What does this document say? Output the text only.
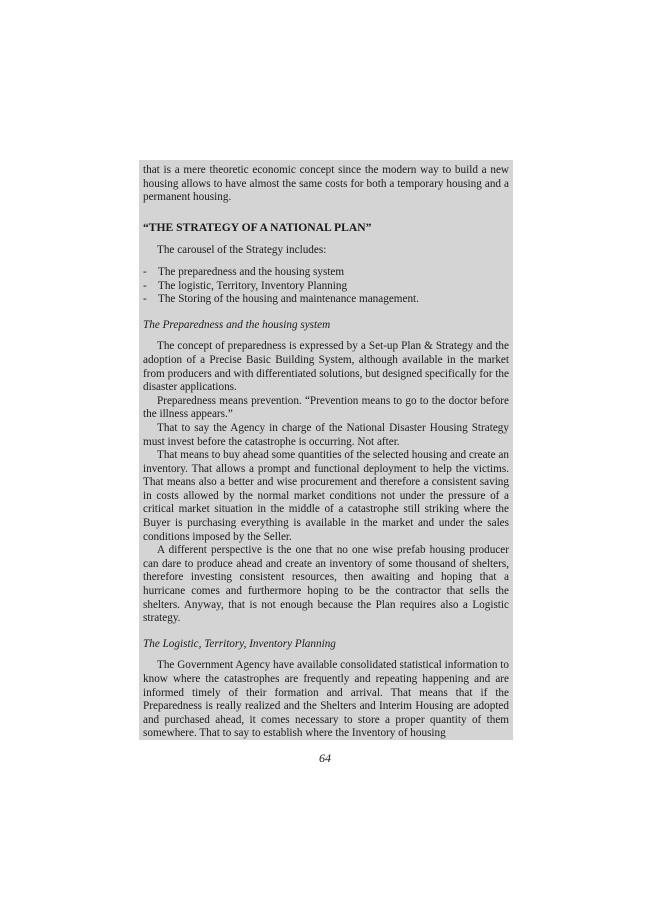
that is a mere theoretic economic concept since the modern way to build a new housing allows to have almost the same costs for both a temporary housing and a permanent housing.

“THE STRATEGY OF A NATIONAL PLAN”

The carousel of the Strategy includes:

- The preparedness and the housing system
- The logistic, Territory, Inventory Planning
- The Storing of the housing and maintenance management.
The Preparedness and the housing system

The concept of preparedness is expressed by a Set-up Plan & Strategy and the adoption of a Precise Basic Building System, although available in the market from producers and with differentiated solutions, but designed specifically for the disaster applications.

Preparedness means prevention. “Prevention means to go to the doctor before the illness appears.”

That to say the Agency in charge of the National Disaster Housing Strategy must invest before the catastrophe is occurring. Not after.

That means to buy ahead some quantities of the selected housing and create an inventory. That allows a prompt and functional deployment to help the victims. That means also a better and wise procurement and therefore a consistent saving in costs allowed by the normal market conditions not under the pressure of a critical market situation in the middle of a catastrophe still striking where the Buyer is purchasing everything is available in the market and under the sales conditions imposed by the Seller.

A different perspective is the one that no one wise prefab housing producer can dare to produce ahead and create an inventory of some thousand of shelters, therefore investing consistent resources, then awaiting and hoping that a hurricane comes and furthermore hoping to be the contractor that sells the shelters. Anyway, that is not enough because the Plan requires also a Logistic strategy.

The Logistic, Territory, Inventory Planning

The Government Agency have available consolidated statistical information to know where the catastrophes are frequently and repeating happening and are informed timely of their formation and arrival. That means that if the Preparedness is really realized and the Shelters and Interim Housing are adopted and purchased ahead, it comes necessary to store a proper quantity of them somewhere. That to say to establish where the Inventory of housing

64
